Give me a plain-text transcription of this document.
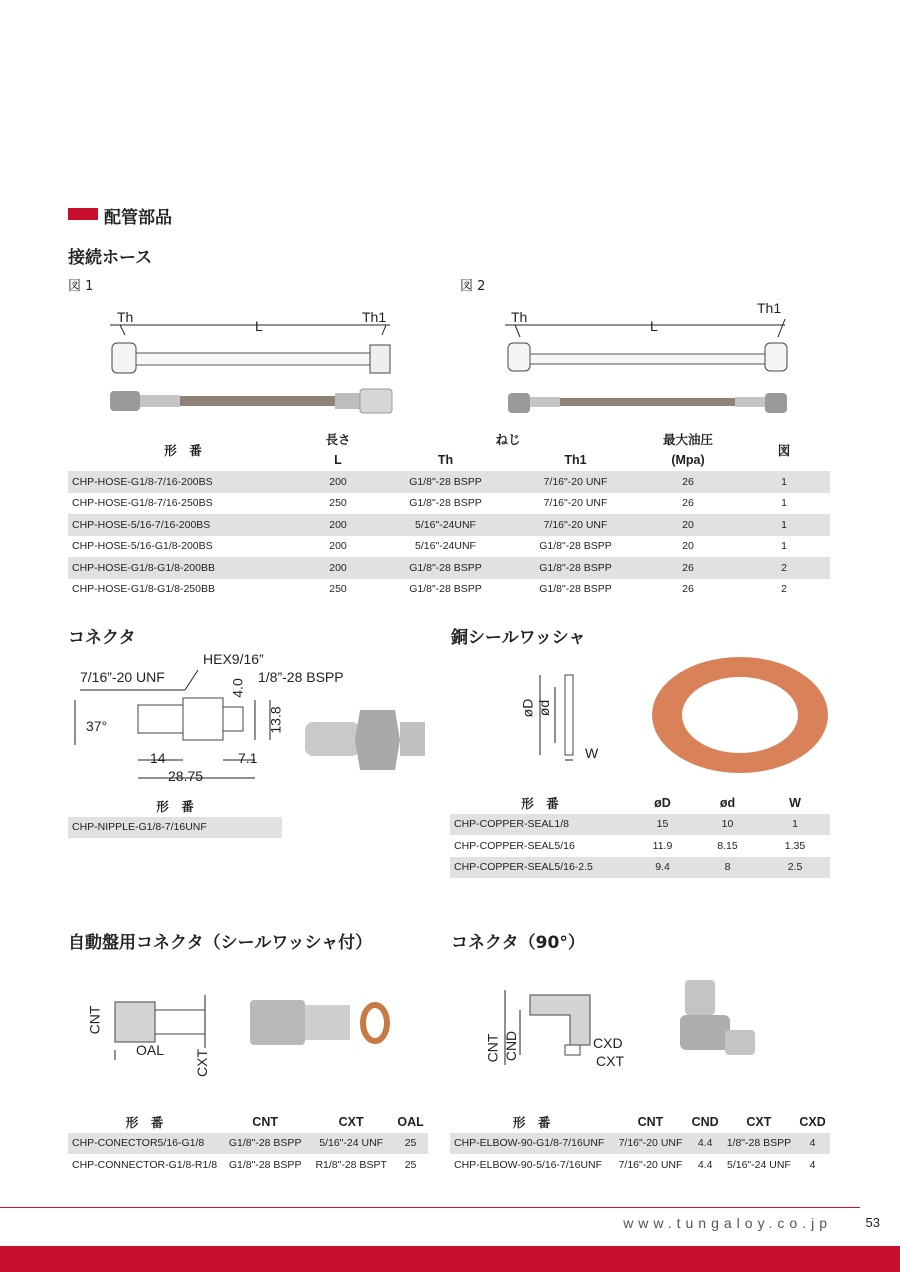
配管部品
接続ホース
図 1	図 2
Th
L
Th1	Th
L
Th1
形　番	長さ	ねじ		最大油圧	図
	L	Th	Th1	(Mpa)	
CHP-HOSE-G1/8-7/16-200BS	200	G1/8"-28 BSPP	7/16"-20 UNF	26	1
CHP-HOSE-G1/8-7/16-250BS	250	G1/8"-28 BSPP	7/16"-20 UNF	26	1
CHP-HOSE-5/16-7/16-200BS	200	5/16"-24UNF	7/16"-20 UNF	20	1
CHP-HOSE-5/16-G1/8-200BS	200	5/16"-24UNF	G1/8"-28 BSPP	20	1
CHP-HOSE-G1/8-G1/8-200BB	200	G1/8"-28 BSPP	G1/8"-28 BSPP	26	2
CHP-HOSE-G1/8-G1/8-250BB	250	G1/8"-28 BSPP	G1/8"-28 BSPP	26	2
コネクタ
HEX9/16”
7/16”-20 UNF	1/8”-28 BSPP
4.0
13.8
37°
14	7.1
28.75
形　番
CHP-NIPPLE-G1/8-7/16UNF
銅シールワッシャ
øD ød
W
形　番	øD	ød	W
CHP-COPPER-SEAL1/8	15	10	1
CHP-COPPER-SEAL5/16	11.9	8.15	1.35
CHP-COPPER-SEAL5/16-2.5	9.4	8	2.5
自動盤用コネクタ（シールワッシャ付）
CNT
OAL CXT
形　番	CNT	CXT	OAL
CHP-CONECTOR5/16-G1/8	G1/8"-28 BSPP	5/16"-24 UNF	25
CHP-CONNECTOR-G1/8-R1/8	G1/8"-28 BSPP	R1/8"-28 BSPT	25
コネクタ（90°）
CNT CND	CXD
CXT
形　番	CNT	CND	CXT	CXD
CHP-ELBOW-90-G1/8-7/16UNF	7/16"-20 UNF	4.4	1/8"-28 BSPP	4
CHP-ELBOW-90-5/16-7/16UNF	7/16"-20 UNF	4.4	5/16"-24 UNF	4
www.tungaloy.co.jp	53
